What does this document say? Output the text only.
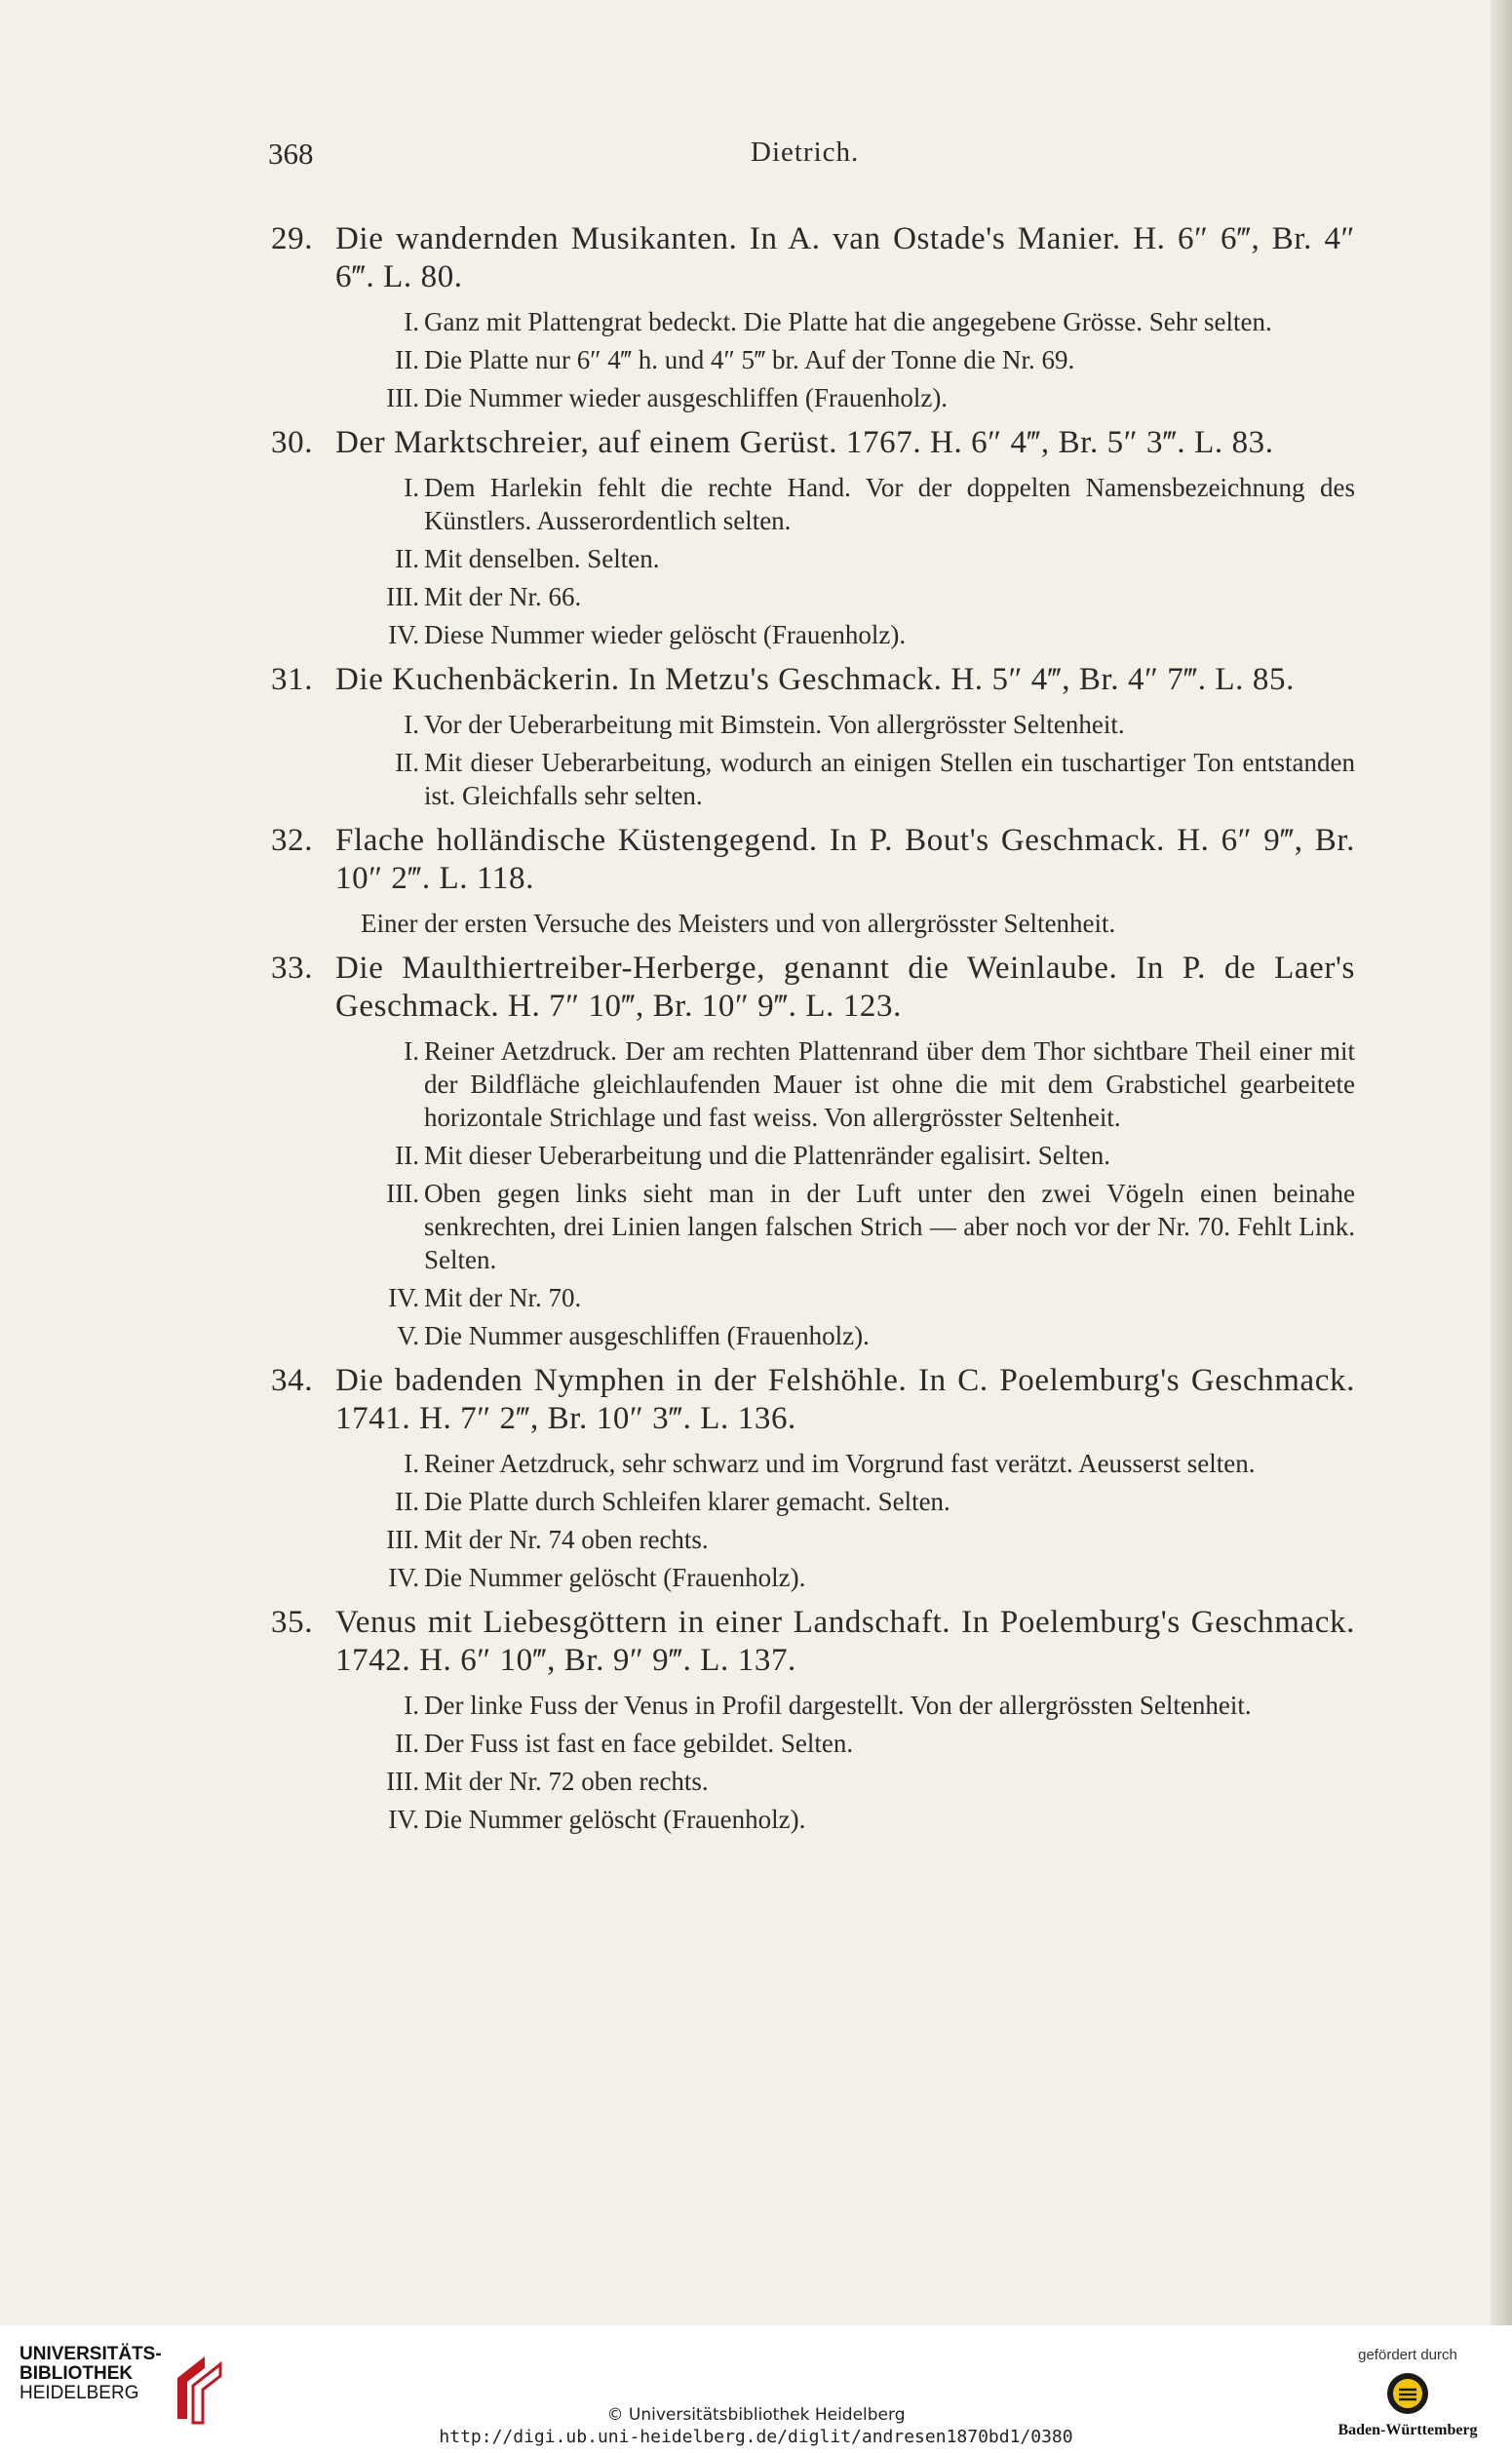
368	Dietrich.
29. Die wandernden Musikanten. In A. van Ostade's Manier. H. 6″ 6‴, Br. 4″ 6‴. L. 80.
I. Ganz mit Plattengrat bedeckt. Die Platte hat die angegebene Grösse. Sehr selten.
II. Die Platte nur 6″ 4‴ h. und 4″ 5‴ br. Auf der Tonne die Nr. 69.
III. Die Nummer wieder ausgeschliffen (Frauenholz).
30. Der Marktschreier, auf einem Gerüst. 1767. H. 6″ 4‴, Br. 5″ 3‴. L. 83.
I. Dem Harlekin fehlt die rechte Hand. Vor der doppelten Namensbezeichnung des Künstlers. Ausserordentlich selten.
II. Mit denselben. Selten.
III. Mit der Nr. 66.
IV. Diese Nummer wieder gelöscht (Frauenholz).
31. Die Kuchenbäckerin. In Metzu's Geschmack. H. 5″ 4‴, Br. 4″ 7‴. L. 85.
I. Vor der Ueberarbeitung mit Bimstein. Von allergrösster Seltenheit.
II. Mit dieser Ueberarbeitung, wodurch an einigen Stellen ein tuschartiger Ton entstanden ist. Gleichfalls sehr selten.
32. Flache holländische Küstengegend. In P. Bout's Geschmack. H. 6″ 9‴, Br. 10″ 2‴. L. 118.
Einer der ersten Versuche des Meisters und von allergrösster Seltenheit.
33. Die Maulthiertreiber-Herberge, genannt die Weinlaube. In P. de Laer's Geschmack. H. 7″ 10‴, Br. 10″ 9‴. L. 123.
I. Reiner Aetzdruck. Der am rechten Plattenrand über dem Thor sichtbare Theil einer mit der Bildfläche gleichlaufenden Mauer ist ohne die mit dem Grabstichel gearbeitete horizontale Strichlage und fast weiss. Von allergrösster Seltenheit.
II. Mit dieser Ueberarbeitung und die Plattenränder egalisirt. Selten.
III. Oben gegen links sieht man in der Luft unter den zwei Vögeln einen beinahe senkrechten, drei Linien langen falschen Strich — aber noch vor der Nr. 70. Fehlt Link. Selten.
IV. Mit der Nr. 70.
V. Die Nummer ausgeschliffen (Frauenholz).
34. Die badenden Nymphen in der Felshöhle. In C. Poelemburg's Geschmack. 1741. H. 7″ 2‴, Br. 10″ 3‴. L. 136.
I. Reiner Aetzdruck, sehr schwarz und im Vorgrund fast verätzt. Aeusserst selten.
II. Die Platte durch Schleifen klarer gemacht. Selten.
III. Mit der Nr. 74 oben rechts.
IV. Die Nummer gelöscht (Frauenholz).
35. Venus mit Liebesgöttern in einer Landschaft. In Poelemburg's Geschmack. 1742. H. 6″ 10‴, Br. 9″ 9‴. L. 137.
I. Der linke Fuss der Venus in Profil dargestellt. Von der allergrössten Seltenheit.
II. Der Fuss ist fast en face gebildet. Selten.
III. Mit der Nr. 72 oben rechts.
IV. Die Nummer gelöscht (Frauenholz).
UNIVERSITÄTS-
BIBLIOTHEK
HEIDELBERG
© Universitätsbibliothek Heidelberg
http://digi.ub.uni-heidelberg.de/diglit/andresen1870bd1/0380
gefördert durch
Baden-Württemberg
